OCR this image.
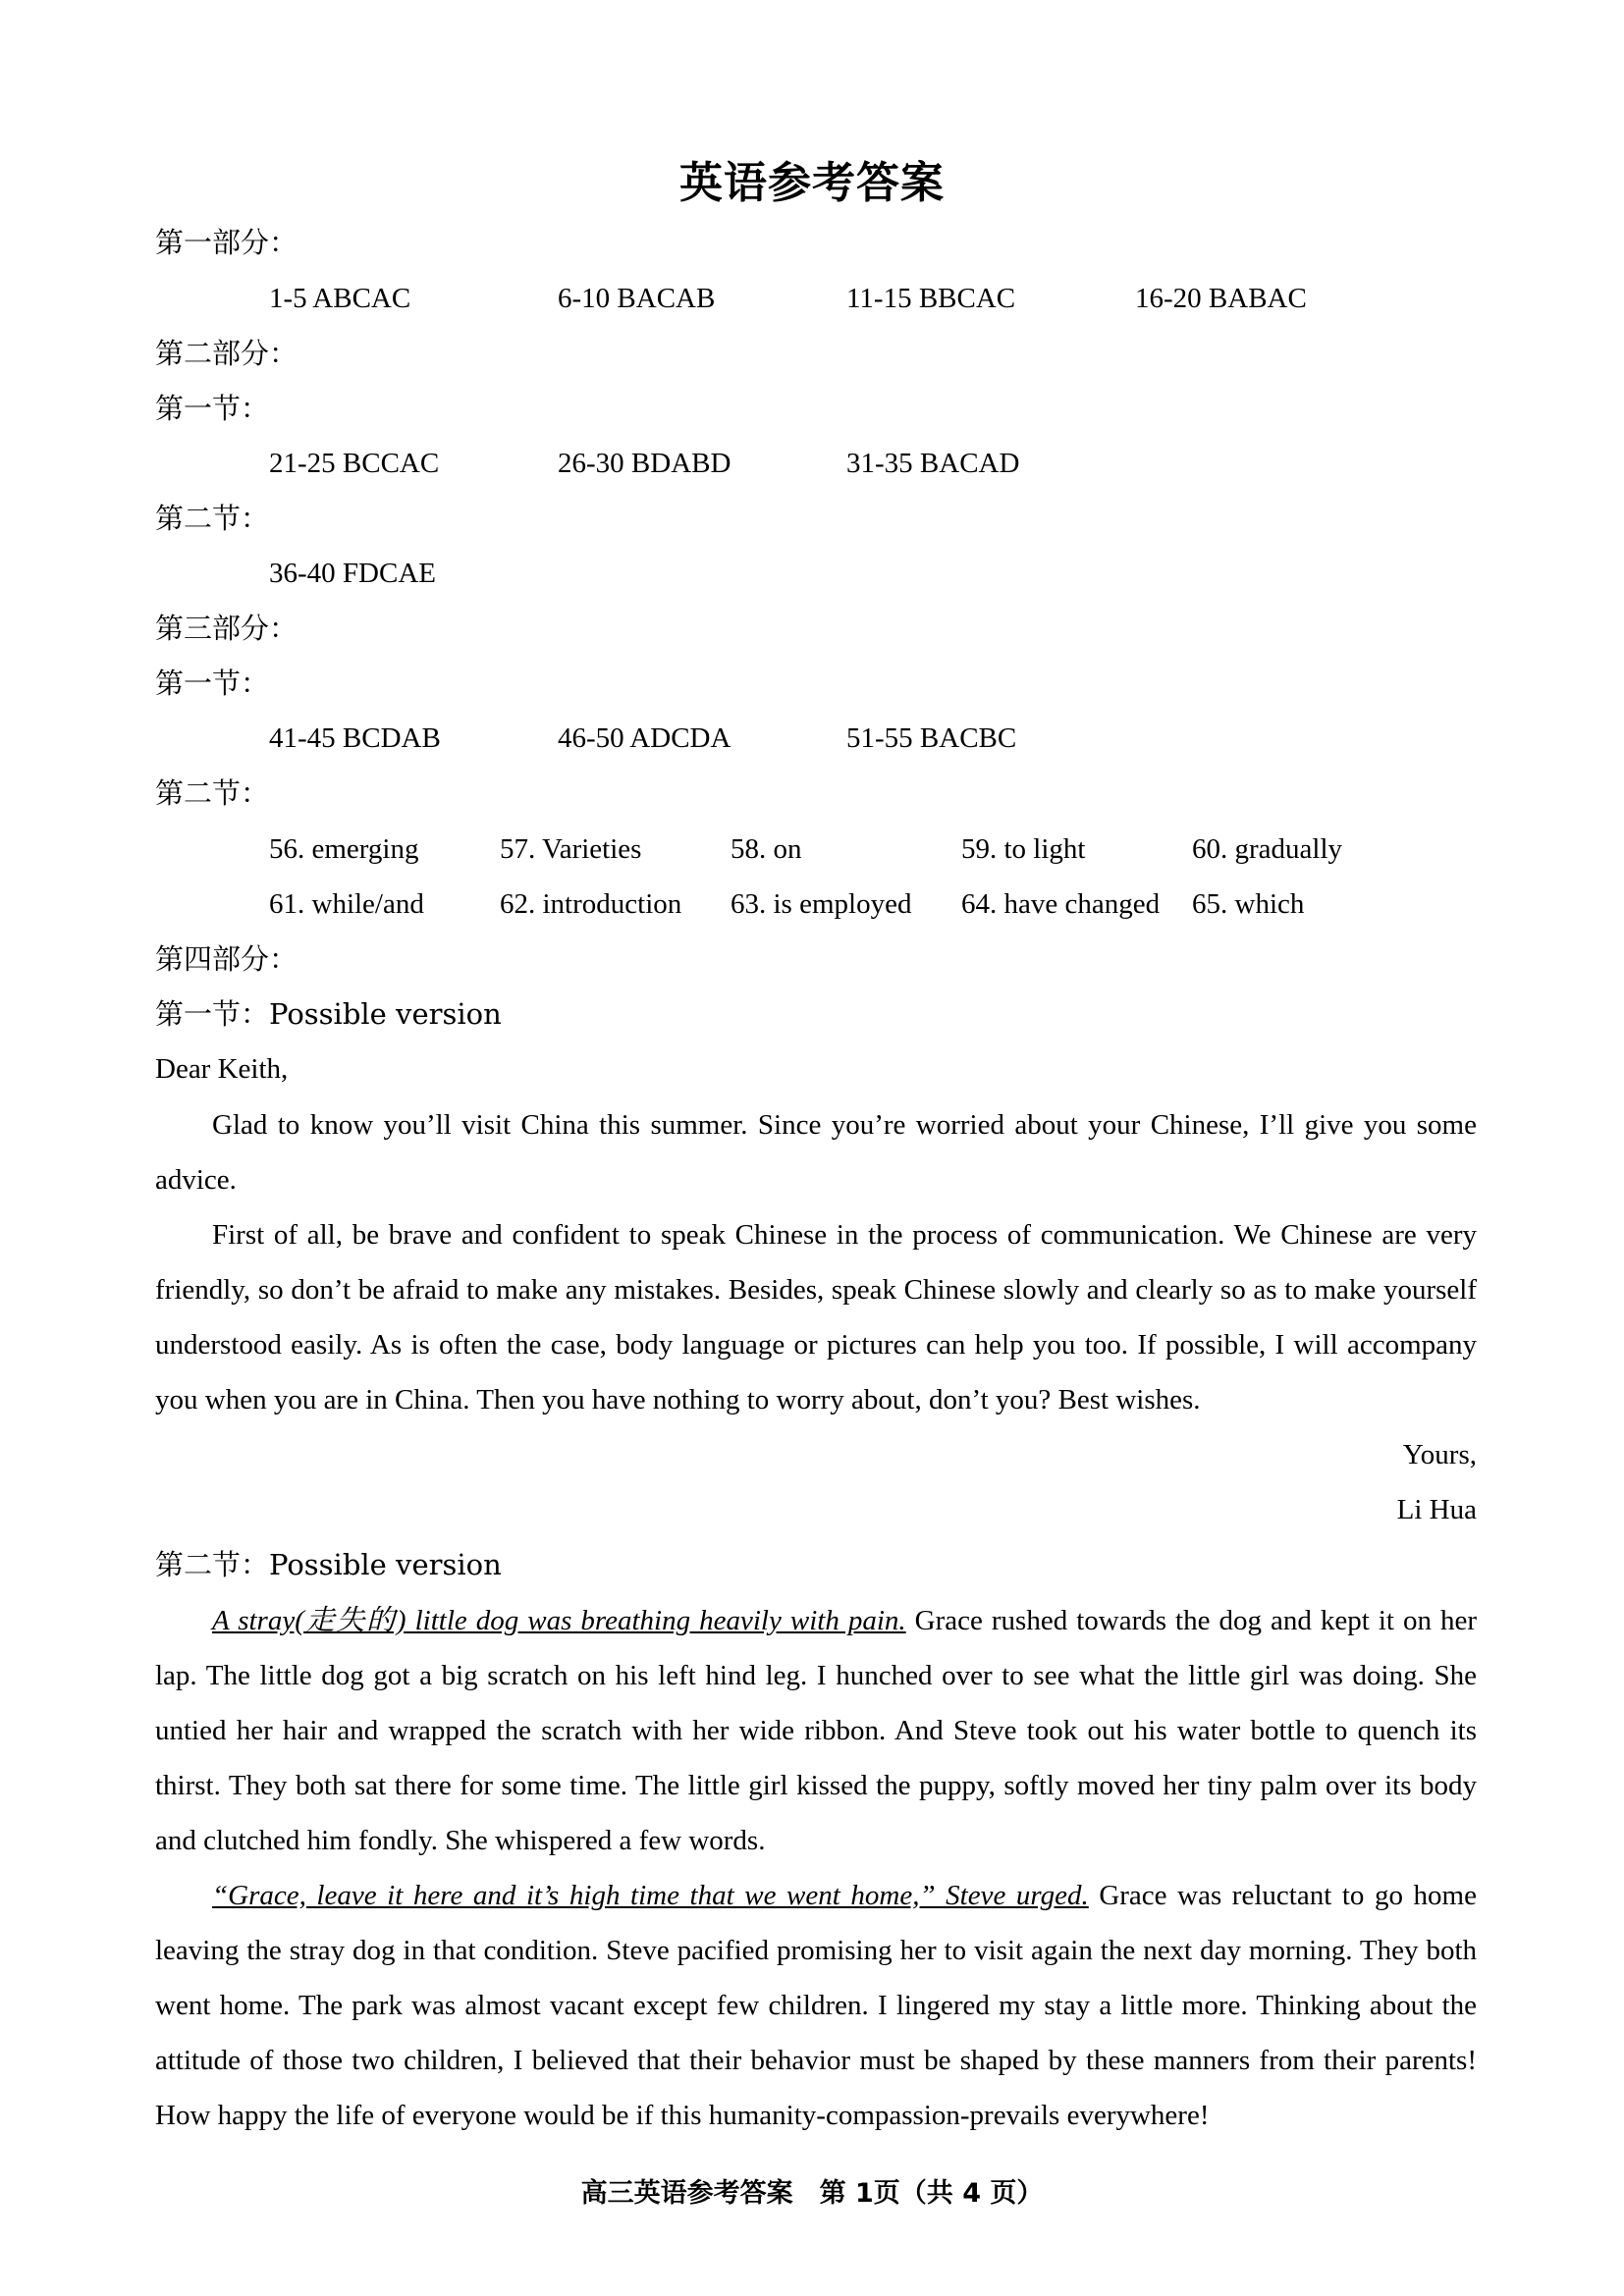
英语参考答案
第一部分：
1-5 ABCAC	6-10 BACAB	11-15 BBCAC	16-20 BABAC
第二部分：
第一节：
21-25 BCCAC	26-30 BDABD	31-35 BACAD
第二节：
36-40 FDCAE
第三部分：
第一节：
41-45 BCDAB	46-50 ADCDA	51-55 BACBC
第二节：
56. emerging	57. Varieties	58. on	59. to light	60. gradually
61. while/and	62. introduction 63. is employed 64. have changed 65. which
第四部分：
第一节：Possible version
Dear Keith,
Glad to know you’ll visit China this summer. Since you’re worried about your Chinese, I’ll give you some advice.
First of all, be brave and confident to speak Chinese in the process of communication. We Chinese are very friendly, so don’t be afraid to make any mistakes. Besides, speak Chinese slowly and clearly so as to make yourself understood easily. As is often the case, body language or pictures can help you too. If possible, I will accompany you when you are in China. Then you have nothing to worry about, don’t you? Best wishes.
Yours,
Li Hua
第二节：Possible version
A stray(走失的) little dog was breathing heavily with pain. Grace rushed towards the dog and kept it on her lap. The little dog got a big scratch on his left hind leg. I hunched over to see what the little girl was doing. She untied her hair and wrapped the scratch with her wide ribbon. And Steve took out his water bottle to quench its thirst. They both sat there for some time. The little girl kissed the puppy, softly moved her tiny palm over its body and clutched him fondly. She whispered a few words.
“Grace, leave it here and it’s high time that we went home,” Steve urged. Grace was reluctant to go home leaving the stray dog in that condition. Steve pacified promising her to visit again the next day morning. They both went home. The park was almost vacant except few children. I lingered my stay a little more. Thinking about the attitude of those two children, I believed that their behavior must be shaped by these manners from their parents! How happy the life of everyone would be if this humanity-compassion-prevails everywhere!
高三英语参考答案　第 1页（共 4 页）
